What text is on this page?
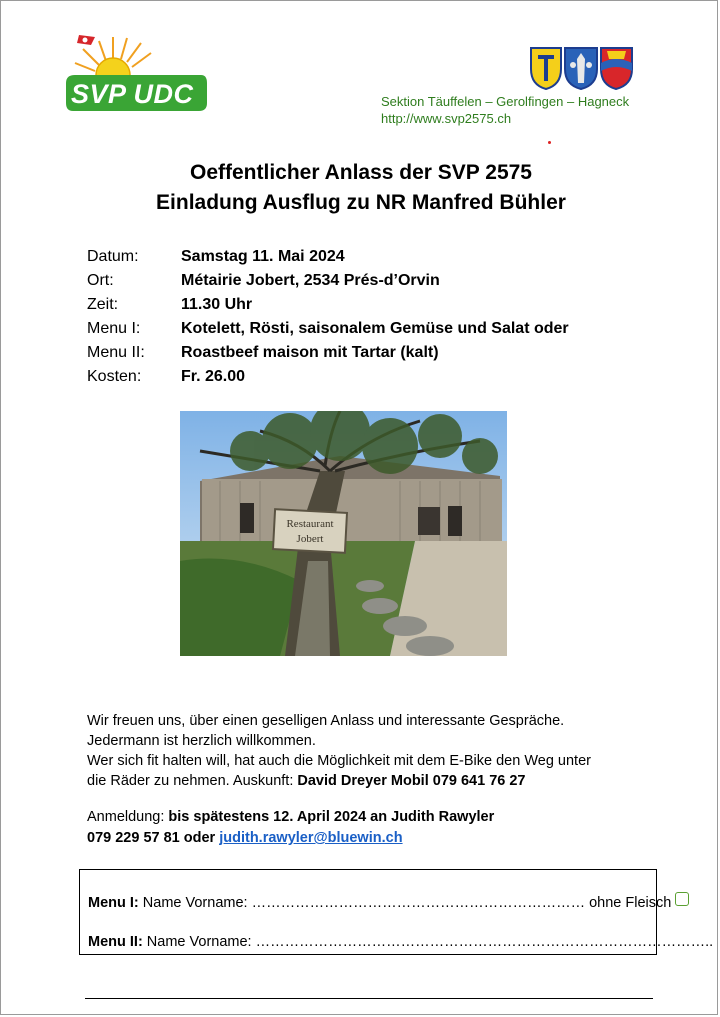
SVP UDC	Sektion Täuffelen – Gerolfingen – Hagneck
http://www.svp2575.ch
Oeffentlicher Anlass der SVP 2575
Einladung Ausflug zu NR Manfred Bühler
Datum:	Samstag 11. Mai 2024
Ort:	Métairie Jobert, 2534 Prés-d’Orvin
Zeit:	11.30 Uhr
Menu I:	Kotelett, Rösti, saisonalem Gemüse und Salat oder
Menu II:	Roastbeef maison mit Tartar (kalt)
Kosten:	Fr. 26.00
Restaurant
Jobert
Wir freuen uns, über einen geselligen Anlass und interessante Gespräche.
Jedermann ist herzlich willkommen.
Wer sich fit halten will, hat auch die Möglichkeit mit dem E-Bike den Weg unter
die Räder zu nehmen. Auskunft: David Dreyer Mobil 079 641 76 27
Anmeldung: bis spätestens 12. April 2024 an Judith Rawyler
079 229 57 81 oder judith.rawyler@bluewin.ch
Menu I: Name Vorname: …………………………………………………………… ohne Fleisch
Menu II: Name Vorname: …………………………………………………………………………………..
